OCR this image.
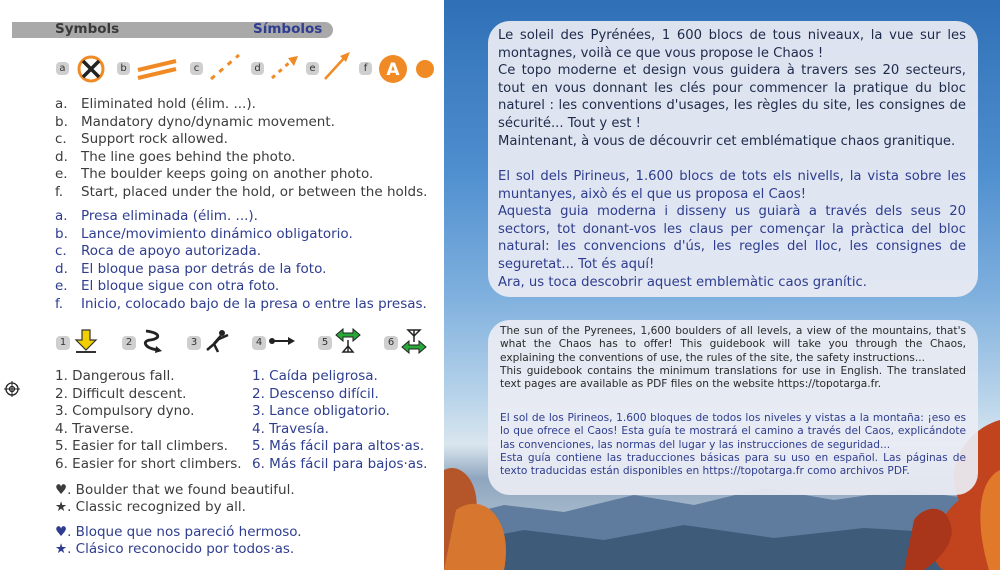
Symbols	Símbolos
a	b	c	d	e	f A
a. Eliminated hold (élim. ...).
b. Mandatory dyno/dynamic movement.
c. Support rock allowed.
d. The line goes behind the photo.
e. The boulder keeps going on another photo.
f. Start, placed under the hold, or between the holds.
a. Presa eliminada (élim. ...).
b. Lance/movimiento dinámico obligatorio.
c. Roca de apoyo autorizada.
d. El bloque pasa por detrás de la foto.
e. El bloque sigue con otra foto.
f. Inicio, colocado bajo de la presa o entre las presas.
1	2	3	4	5	6
1. Dangerous fall.
2. Difficult descent.
3. Compulsory dyno.
4. Traverse.
5. Easier for tall climbers.
6. Easier for short climbers.
1. Caída peligrosa.
2. Descenso difícil.
3. Lance obligatorio.
4. Travesía.
5. Más fácil para altos·as.
6. Más fácil para bajos·as.
♥. Boulder that we found beautiful.
★. Classic recognized by all.
♥. Bloque que nos pareció hermoso.
★. Clásico reconocido por todos·as.

Le soleil des Pyrénées, 1 600 blocs de tous niveaux, la vue sur les montagnes, voilà ce que vous propose le Chaos !

Ce topo moderne et design vous guidera à travers ses 20 secteurs, tout en vous donnant les clés pour commencer la pratique du bloc naturel : les conventions d'usages, les règles du site, les consignes de sécurité... Tout y est !

Maintenant, à vous de découvrir cet emblématique chaos granitique.

El sol dels Pirineus, 1.600 blocs de tots els nivells, la vista sobre les muntanyes, això és el que us proposa el Caos!

Aquesta guia moderna i disseny us guiarà a través dels seus 20 sectors, tot donant-vos les claus per començar la pràctica del bloc natural: les convencions d'ús, les regles del lloc, les consignes de seguretat... Tot és aquí!

Ara, us toca descobrir aquest emblemàtic caos granític.

The sun of the Pyrenees, 1,600 boulders of all levels, a view of the mountains, that's what the Chaos has to offer! This guidebook will take you through the Chaos, explaining the conventions of use, the rules of the site, the safety instructions...

This guidebook contains the minimum translations for use in English. The translated text pages are available as PDF files on the website https://topotarga.fr.

El sol de los Pirineos, 1.600 bloques de todos los niveles y vistas a la montaña: ¡eso es lo que ofrece el Caos! Esta guía te mostrará el camino a través del Caos, explicándote las convenciones, las normas del lugar y las instrucciones de seguridad...

Esta guía contiene las traducciones básicas para su uso en español. Las páginas de texto traducidas están disponibles en https://topotarga.fr como archivos PDF.
